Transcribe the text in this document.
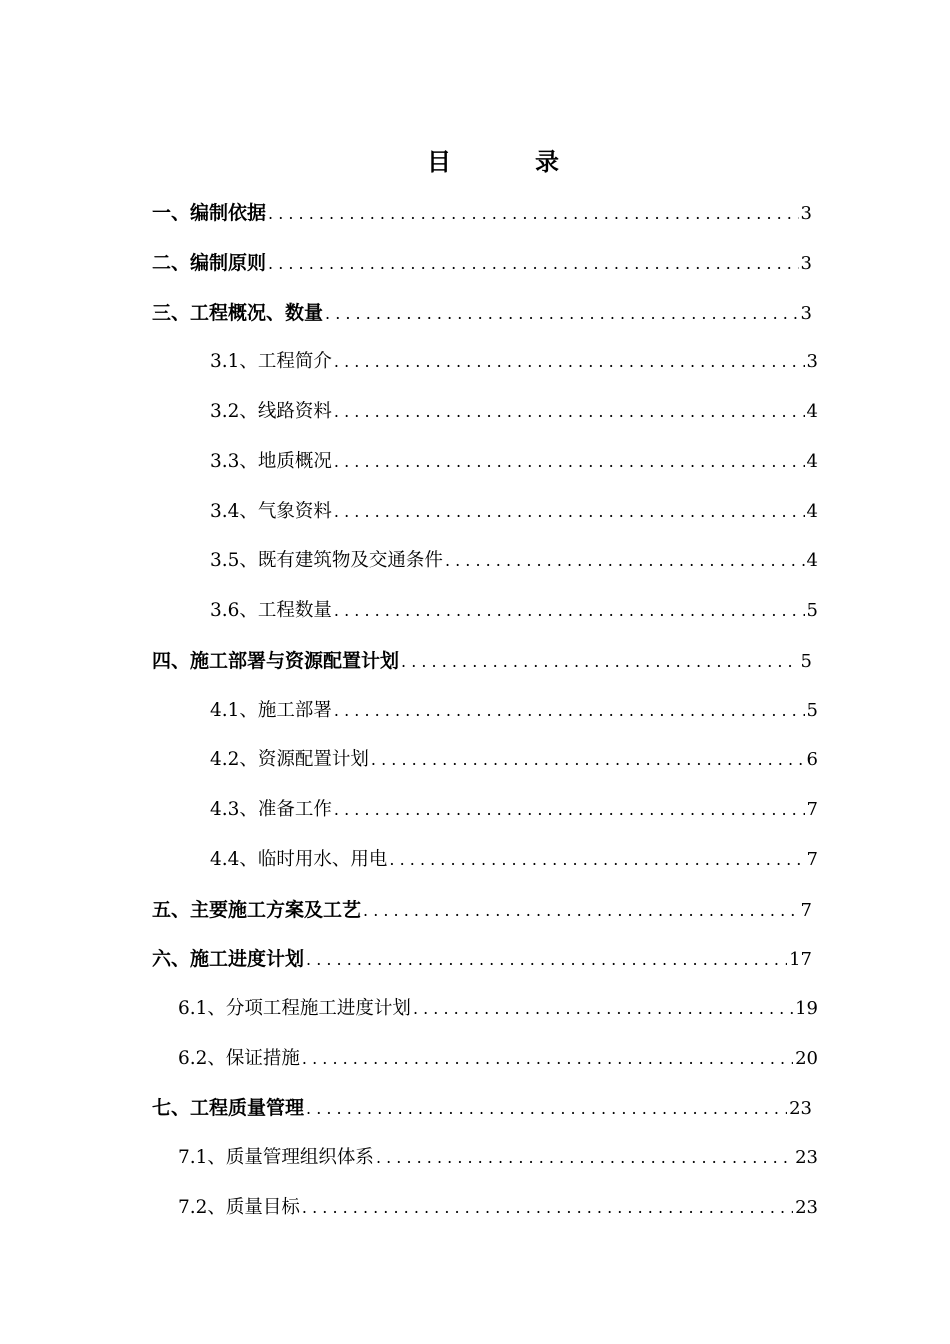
目　录
一、编制依据 . . .	3
二、编制原则 . . .	3
三、工程概况、数量 . . .	3
3.1、工程简介 . . .	3
3.2、线路资料 . . .	4
3.3、地质概况 . . .	4
3.4、气象资料 . . .	4
3.5、既有建筑物及交通条件 . . .	4
3.6、工程数量 . . .	5
四、施工部署与资源配置计划 . . .	5
4.1、施工部署 . . .	5
4.2、资源配置计划 . . .	6
4.3、准备工作 . . .	7
4.4、临时用水、用电 . . .	7
五、主要施工方案及工艺 . . .	7
六、施工进度计划 . . .	17
6.1、分项工程施工进度计划 . . .	19
6.2、保证措施 . . .	20
七、工程质量管理 . . .	23
7.1、质量管理组织体系 . . .	23
7.2、质量目标 . . .	23
